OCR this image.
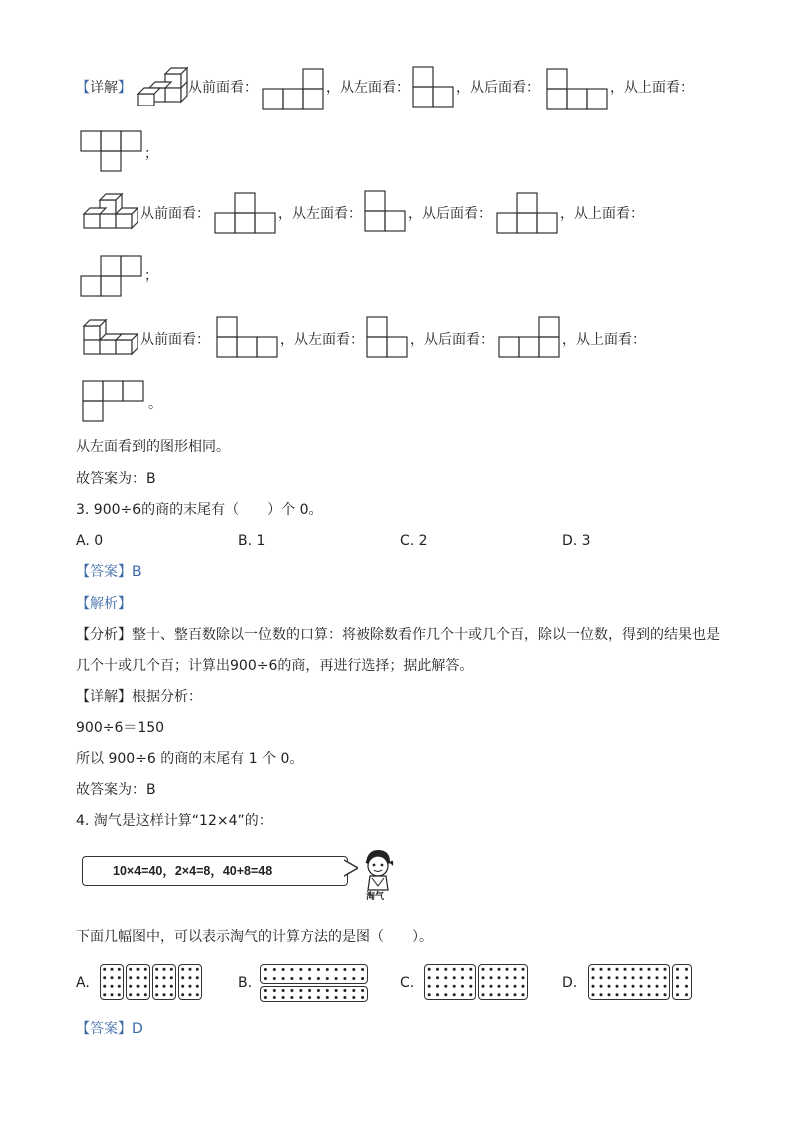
【详解】	从前面看：	，从左面看：	，从后面看：	，从上面看：
；
从前面看：	，从左面看：	，从后面看：	，从上面看：
；
从前面看：	，从左面看：	，从后面看：	，从上面看：
。
从左面看到的图形相同。
故答案为：B
3. 900÷6的商的末尾有（　　）个 0。
A. 0	B. 1	C. 2	D. 3
【答案】B
【解析】
【分析】整十、整百数除以一位数的口算：将被除数看作几个十或几个百，除以一位数，得到的结果也是
几个十或几个百；计算出900÷6的商，再进行选择；据此解答。
【详解】根据分析：
900÷6＝150
所以 900÷6 的商的末尾有 1 个 0。
故答案为：B
4. 淘气是这样计算“12×4”的：
10×4=40，2×4=8，40+8=48
淘气
下面几幅图中，可以表示淘气的计算方法的是图（　　）。
A.	B.	C.	D.
【答案】D
